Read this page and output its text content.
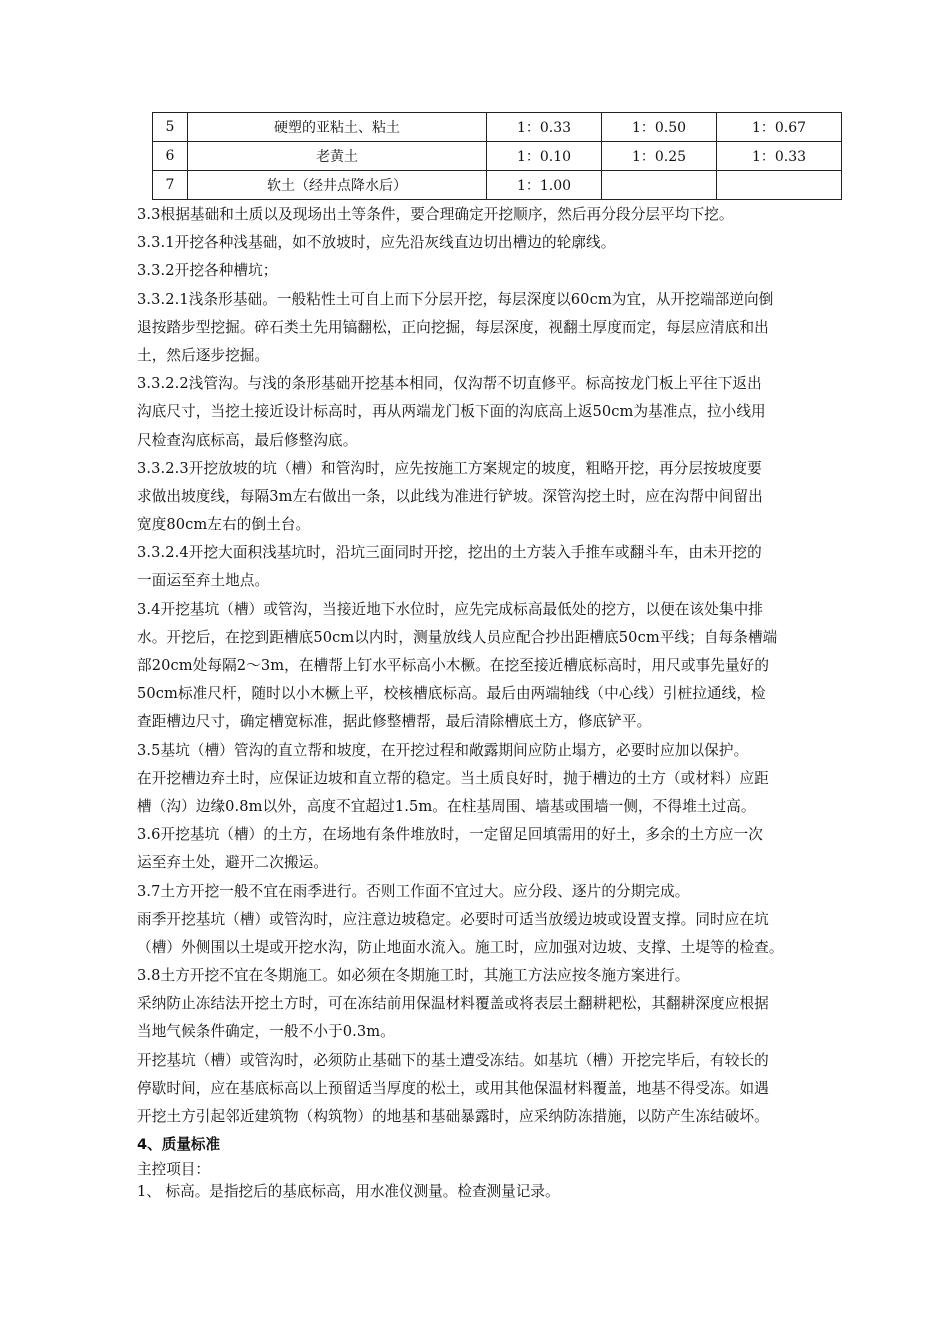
5	硬塑的亚粘土、粘土	1：0.33	1：0.50	1：0.67
6	老黄土	1：0.10	1：0.25	1：0.33
7	软土（经井点降水后）	1：1.00		
3.3根据基础和土质以及现场出土等条件，要合理确定开挖顺序，然后再分段分层平均下挖。
3.3.1开挖各种浅基础，如不放坡时，应先沿灰线直边切出槽边的轮廓线。
3.3.2开挖各种槽坑；
3.3.2.1浅条形基础。一般粘性土可自上而下分层开挖，每层深度以60cm为宜，从开挖端部逆向倒
退按踏步型挖掘。碎石类土先用镐翻松，正向挖掘，每层深度，视翻土厚度而定，每层应清底和出
土，然后逐步挖掘。
3.3.2.2浅管沟。与浅的条形基础开挖基本相同，仅沟帮不切直修平。标高按龙门板上平往下返出
沟底尺寸，当挖土接近设计标高时，再从两端龙门板下面的沟底高上返50cm为基准点，拉小线用
尺检查沟底标高，最后修整沟底。
3.3.2.3开挖放坡的坑（槽）和管沟时，应先按施工方案规定的坡度，粗略开挖，再分层按坡度要
求做出坡度线，每隔3m左右做出一条，以此线为准进行铲坡。深管沟挖土时，应在沟帮中间留出
宽度80cm左右的倒土台。
3.3.2.4开挖大面积浅基坑时，沿坑三面同时开挖，挖出的土方装入手推车或翻斗车，由未开挖的
一面运至弃土地点。
3.4开挖基坑（槽）或管沟，当接近地下水位时，应先完成标高最低处的挖方，以便在该处集中排
水。开挖后，在挖到距槽底50cm以内时，测量放线人员应配合抄出距槽底50cm平线；自每条槽端
部20cm处每隔2～3m，在槽帮上钉水平标高小木橛。在挖至接近槽底标高时，用尺或事先量好的
50cm标准尺杆，随时以小木橛上平，校核槽底标高。最后由两端轴线（中心线）引桩拉通线，检
查距槽边尺寸，确定槽宽标准，据此修整槽帮，最后清除槽底土方，修底铲平。
3.5基坑（槽）管沟的直立帮和坡度，在开挖过程和敞露期间应防止塌方，必要时应加以保护。
在开挖槽边弃土时，应保证边坡和直立帮的稳定。当土质良好时，抛于槽边的土方（或材料）应距
槽（沟）边缘0.8m以外，高度不宜超过1.5m。在柱基周围、墙基或围墙一侧，不得堆土过高。
3.6开挖基坑（槽）的土方，在场地有条件堆放时，一定留足回填需用的好土，多余的土方应一次
运至弃土处，避开二次搬运。
3.7土方开挖一般不宜在雨季进行。否则工作面不宜过大。应分段、逐片的分期完成。
雨季开挖基坑（槽）或管沟时，应注意边坡稳定。必要时可适当放缓边坡或设置支撑。同时应在坑
（槽）外侧围以土堤或开挖水沟，防止地面水流入。施工时，应加强对边坡、支撑、土堤等的检查。
3.8土方开挖不宜在冬期施工。如必须在冬期施工时，其施工方法应按冬施方案进行。
采纳防止冻结法开挖土方时，可在冻结前用保温材料覆盖或将表层土翻耕耙松，其翻耕深度应根据
当地气候条件确定，一般不小于0.3m。
开挖基坑（槽）或管沟时，必须防止基础下的基土遭受冻结。如基坑（槽）开挖完毕后，有较长的
停歇时间，应在基底标高以上预留适当厚度的松土，或用其他保温材料覆盖，地基不得受冻。如遇
开挖土方引起邻近建筑物（构筑物）的地基和基础暴露时，应采纳防冻措施，以防产生冻结破坏。
4、质量标准
主控项目：
1、 标高。是指挖后的基底标高，用水准仪测量。检查测量记录。
